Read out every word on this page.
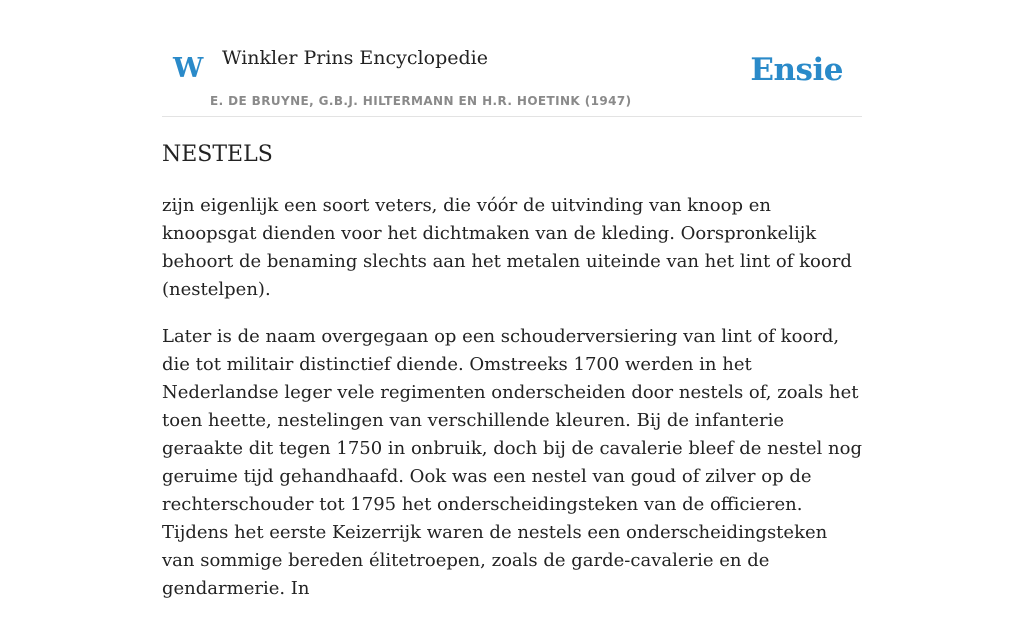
W Winkler Prins Encyclopedie
E. DE BRUYNE, G.B.J. HILTERMANN EN H.R. HOETINK (1947)
Ensie
NESTELS

zijn eigenlijk een soort veters, die vóór de uitvinding van knoop en knoopsgat dienden voor het dichtmaken van de kleding. Oorspronkelijk behoort de benaming slechts aan het metalen uiteinde van het lint of koord (nestelpen).

Later is de naam overgegaan op een schouderversiering van lint of koord, die tot militair distinctief diende. Omstreeks 1700 werden in het Nederlandse leger vele regimenten onderscheiden door nestels of, zoals het toen heette, nestelingen van verschillende kleuren. Bij de infanterie geraakte dit tegen 1750 in onbruik, doch bij de cavalerie bleef de nestel nog geruime tijd gehandhaafd. Ook was een nestel van goud of zilver op de rechterschouder tot 1795 het onderscheidingsteken van de officieren. Tijdens het eerste Keizerrijk waren de nestels een onderscheidingsteken van sommige bereden élitetroepen, zoals de garde-cavalerie en de gendarmerie. In
